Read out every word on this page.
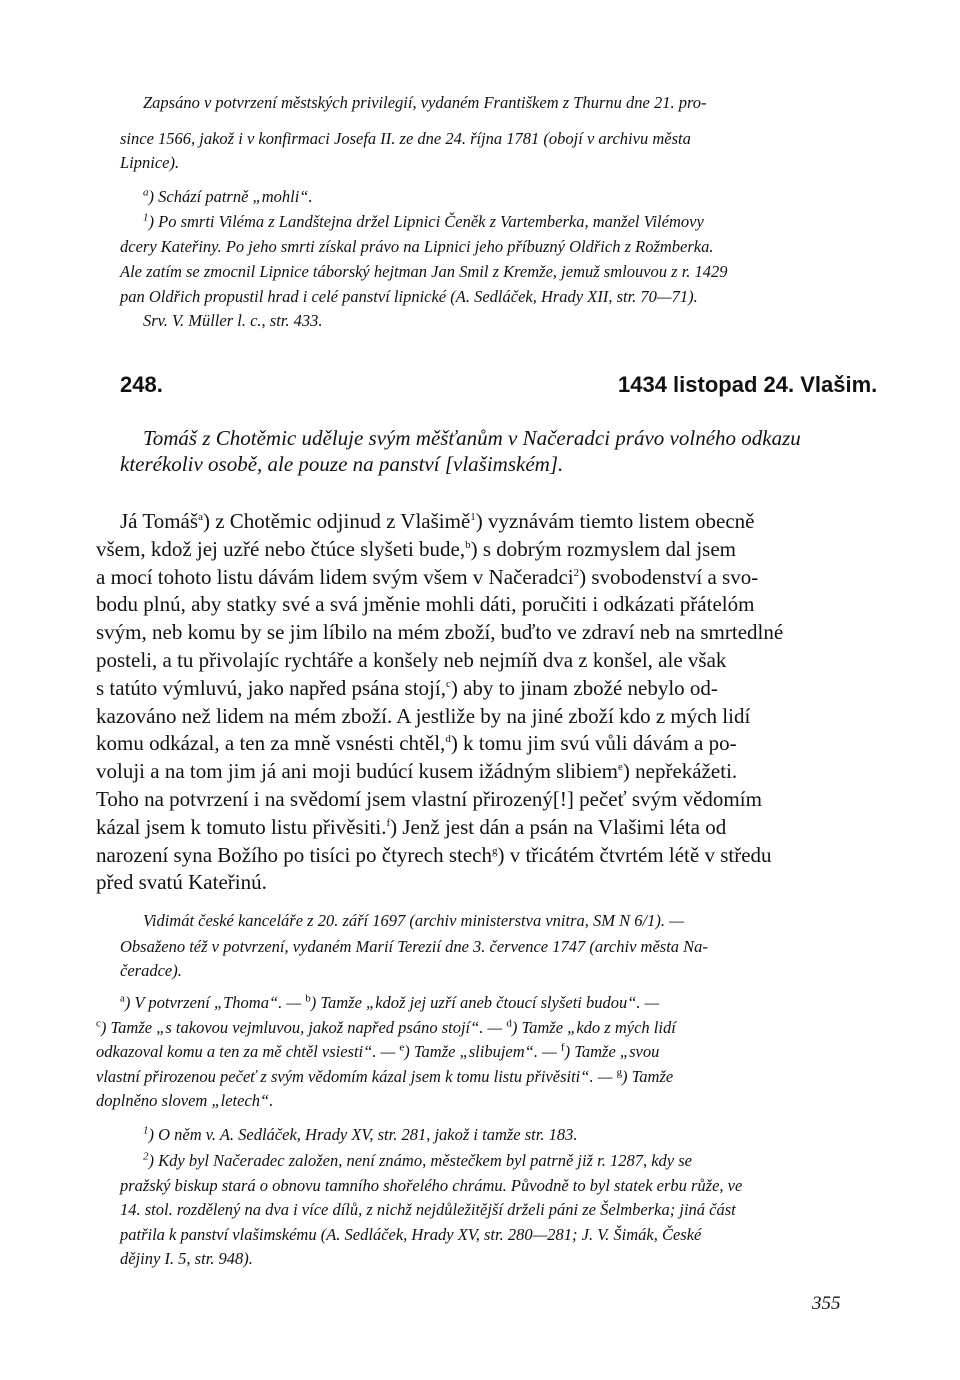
Zapsáno v potvrzení městských privilegií, vydaném Františkem z Thurnu dne 21. pro-
since 1566, jakož i v konfirmaci Josefa II. ze dne 24. října 1781 (obojí v archivu města
Lipnice).
$^a$) Schází patrně „mohli“.
$^1$) Po smrti Viléma z Landštejna držel Lipnici Čeněk z Vartemberka, manžel Vilémovy
dcery Kateřiny. Po jeho smrti získal právo na Lipnici jeho příbuzný Oldřich z Rožmberka.
Ale zatím se zmocnil Lipnice táborský hejtman Jan Smil z Kremže, jemuž smlouvou z r. 1429
pan Oldřich propustil hrad i celé panství lipnické (A. Sedláček, Hrady XII, str. 70—71).
Srv. V. Müller l. c., str. 433.
248.	1434 listopad 24. Vlašim.
Tomáš z Chotěmic uděluje svým měšťanům v Načeradci právo volného odkazu
kterékoliv osobě, ale pouze na panství [vlašimském].
Já Tomáš$^a$) z Chotěmic odjinud z Vlašimě$^1$) vyznávám tiemto listem obecně
všem, kdož jej uzřé nebo čtúce slyšeti bude,$^b$) s dobrým rozmyslem dal jsem
a mocí tohoto listu dávám lidem svým všem v Načeradci$^2$) svobodenství a svo-
bodu plnú, aby statky své a svá jměnie mohli dáti, poručiti i odkázati přátelóm
svým, neb komu by se jim líbilo na mém zboží, buďto ve zdraví neb na smrtedlné
posteli, a tu přivolajíc rychtáře a konšely neb nejmíň dva z konšel, ale však
s tatúto výmluvú, jako napřed psána stojí,$^c$) aby to jinam zbožé nebylo od-
kazováno než lidem na mém zboží. A jestliže by na jiné zboží kdo z mých lidí
komu odkázal, a ten za mně vsnésti chtěl,$^d$) k tomu jim svú vůli dávám a po-
voluji a na tom jim já ani moji budúcí kusem ižádným slibiem$^e$) nepřekážeti.
Toho na potvrzení i na svědomí jsem vlastní přirozený[!] pečeť svým vědomím
kázal jsem k tomuto listu přivěsiti.$^f$) Jenž jest dán a psán na Vlašimi léta od
narození syna Božího po tisíci po čtyrech stech$^g$) v třicátém čtvrtém létě v středu
před svatú Kateřinú.
Vidimát české kanceláře z 20. září 1697 (archiv ministerstva vnitra, SM N 6/1). —
Obsaženo též v potvrzení, vydaném Marií Terezií dne 3. července 1747 (archiv města Na-
čeradce).
$^a$) V potvrzení „Thoma“. — $^b$) Tamže „kdož jej uzří aneb čtoucí slyšeti budou“. —
$^c$) Tamže „s takovou vejmluvou, jakož napřed psáno stojí“. — $^d$) Tamže „kdo z mých lidí
odkazoval komu a ten za mě chtěl vsiesti“. — $^e$) Tamže „slibujem“. — $^f$) Tamže „svou
vlastní přirozenou pečeť z svým vědomím kázal jsem k tomu listu přivěsiti“. — $^g$) Tamže
doplněno slovem „letech“.
$^1$) O něm v. A. Sedláček, Hrady XV, str. 281, jakož i tamže str. 183.
$^2$) Kdy byl Načeradec založen, není známo, městečkem byl patrně již r. 1287, kdy se
pražský biskup stará o obnovu tamního shořelého chrámu. Původně to byl statek erbu růže, ve
14. stol. rozdělený na dva i více dílů, z nichž nejdůležitější drželi páni ze Šelmberka; jiná část
patřila k panství vlašimskému (A. Sedláček, Hrady XV, str. 280—281; J. V. Šimák, České
dějiny I. 5, str. 948).
355
